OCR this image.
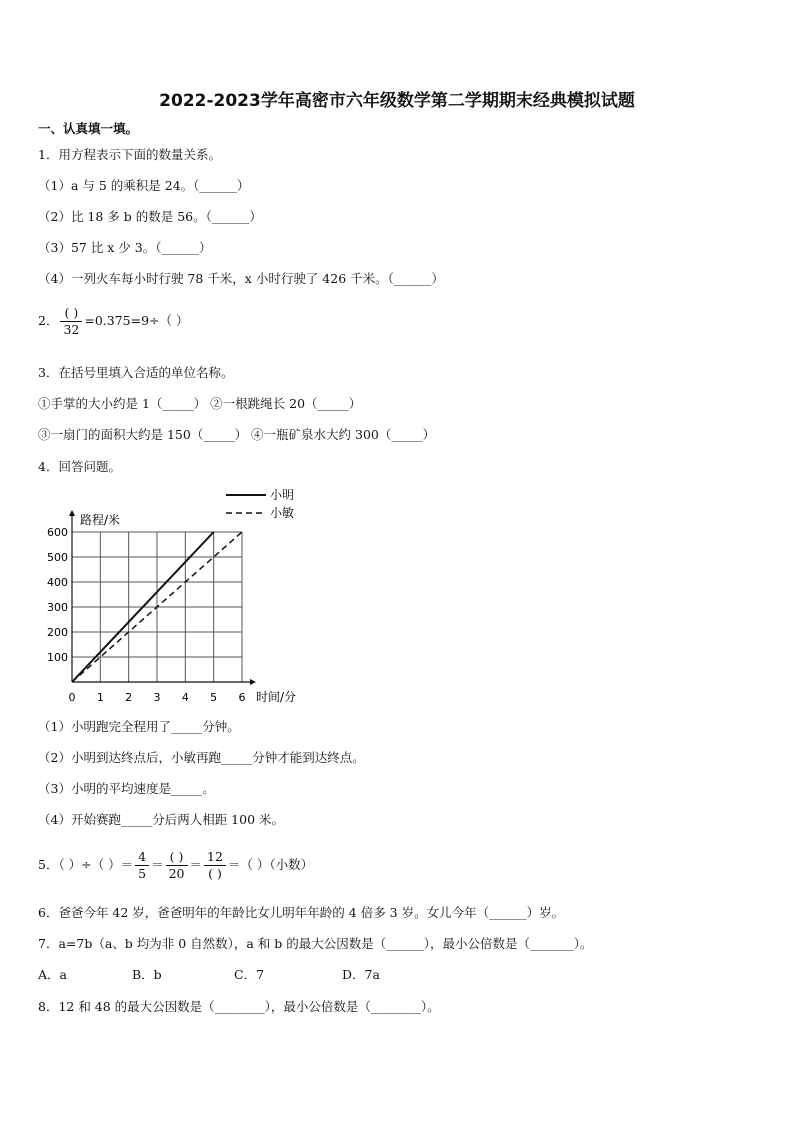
2022-2023学年高密市六年级数学第二学期期末经典模拟试题
一、认真填一填。
1．用方程表示下面的数量关系。
（1）a 与 5 的乘积是 24。（______）
（2）比 18 多 b 的数是 56。（______）
（3）57 比 x 少 3。（______）
（4）一列火车每小时行驶 78 千米，x 小时行驶了 426 千米。（______）
2． $\frac{( )}{32} =0.375=9\div$（ ）
3．在括号里填入合适的单位名称。
①手掌的大小约是 1（_____） ②一根跳绳长 20（_____）
③一扇门的面积大约是 150（_____） ④一瓶矿泉水大约 300（_____）
4．回答问题。
0 1 2 3 4 5 6
100
200
300
400
500
600
小明
小敏
路程/米
时间/分
（1）小明跑完全程用了_____分钟。
（2）小明到达终点后，小敏再跑_____分钟才能到达终点。
（3）小明的平均速度是_____。
（4）开始赛跑_____分后两人相距 100 米。
5．（ ）÷（ ）＝ $\frac{4}{5} = \frac{( )}{20} = \frac{12}{( )}$ ＝（ ）（小数）
6．爸爸今年 42 岁，爸爸明年的年龄比女儿明年年龄的 4 倍多 3 岁。女儿今年（______）岁。
7．a=7b（a、b 均为非 0 自然数），a 和 b 的最大公因数是（______），最小公倍数是（_______）。
A．a	B．b	C．7	D．7a
8．12 和 48 的最大公因数是（________），最小公倍数是（________）。
